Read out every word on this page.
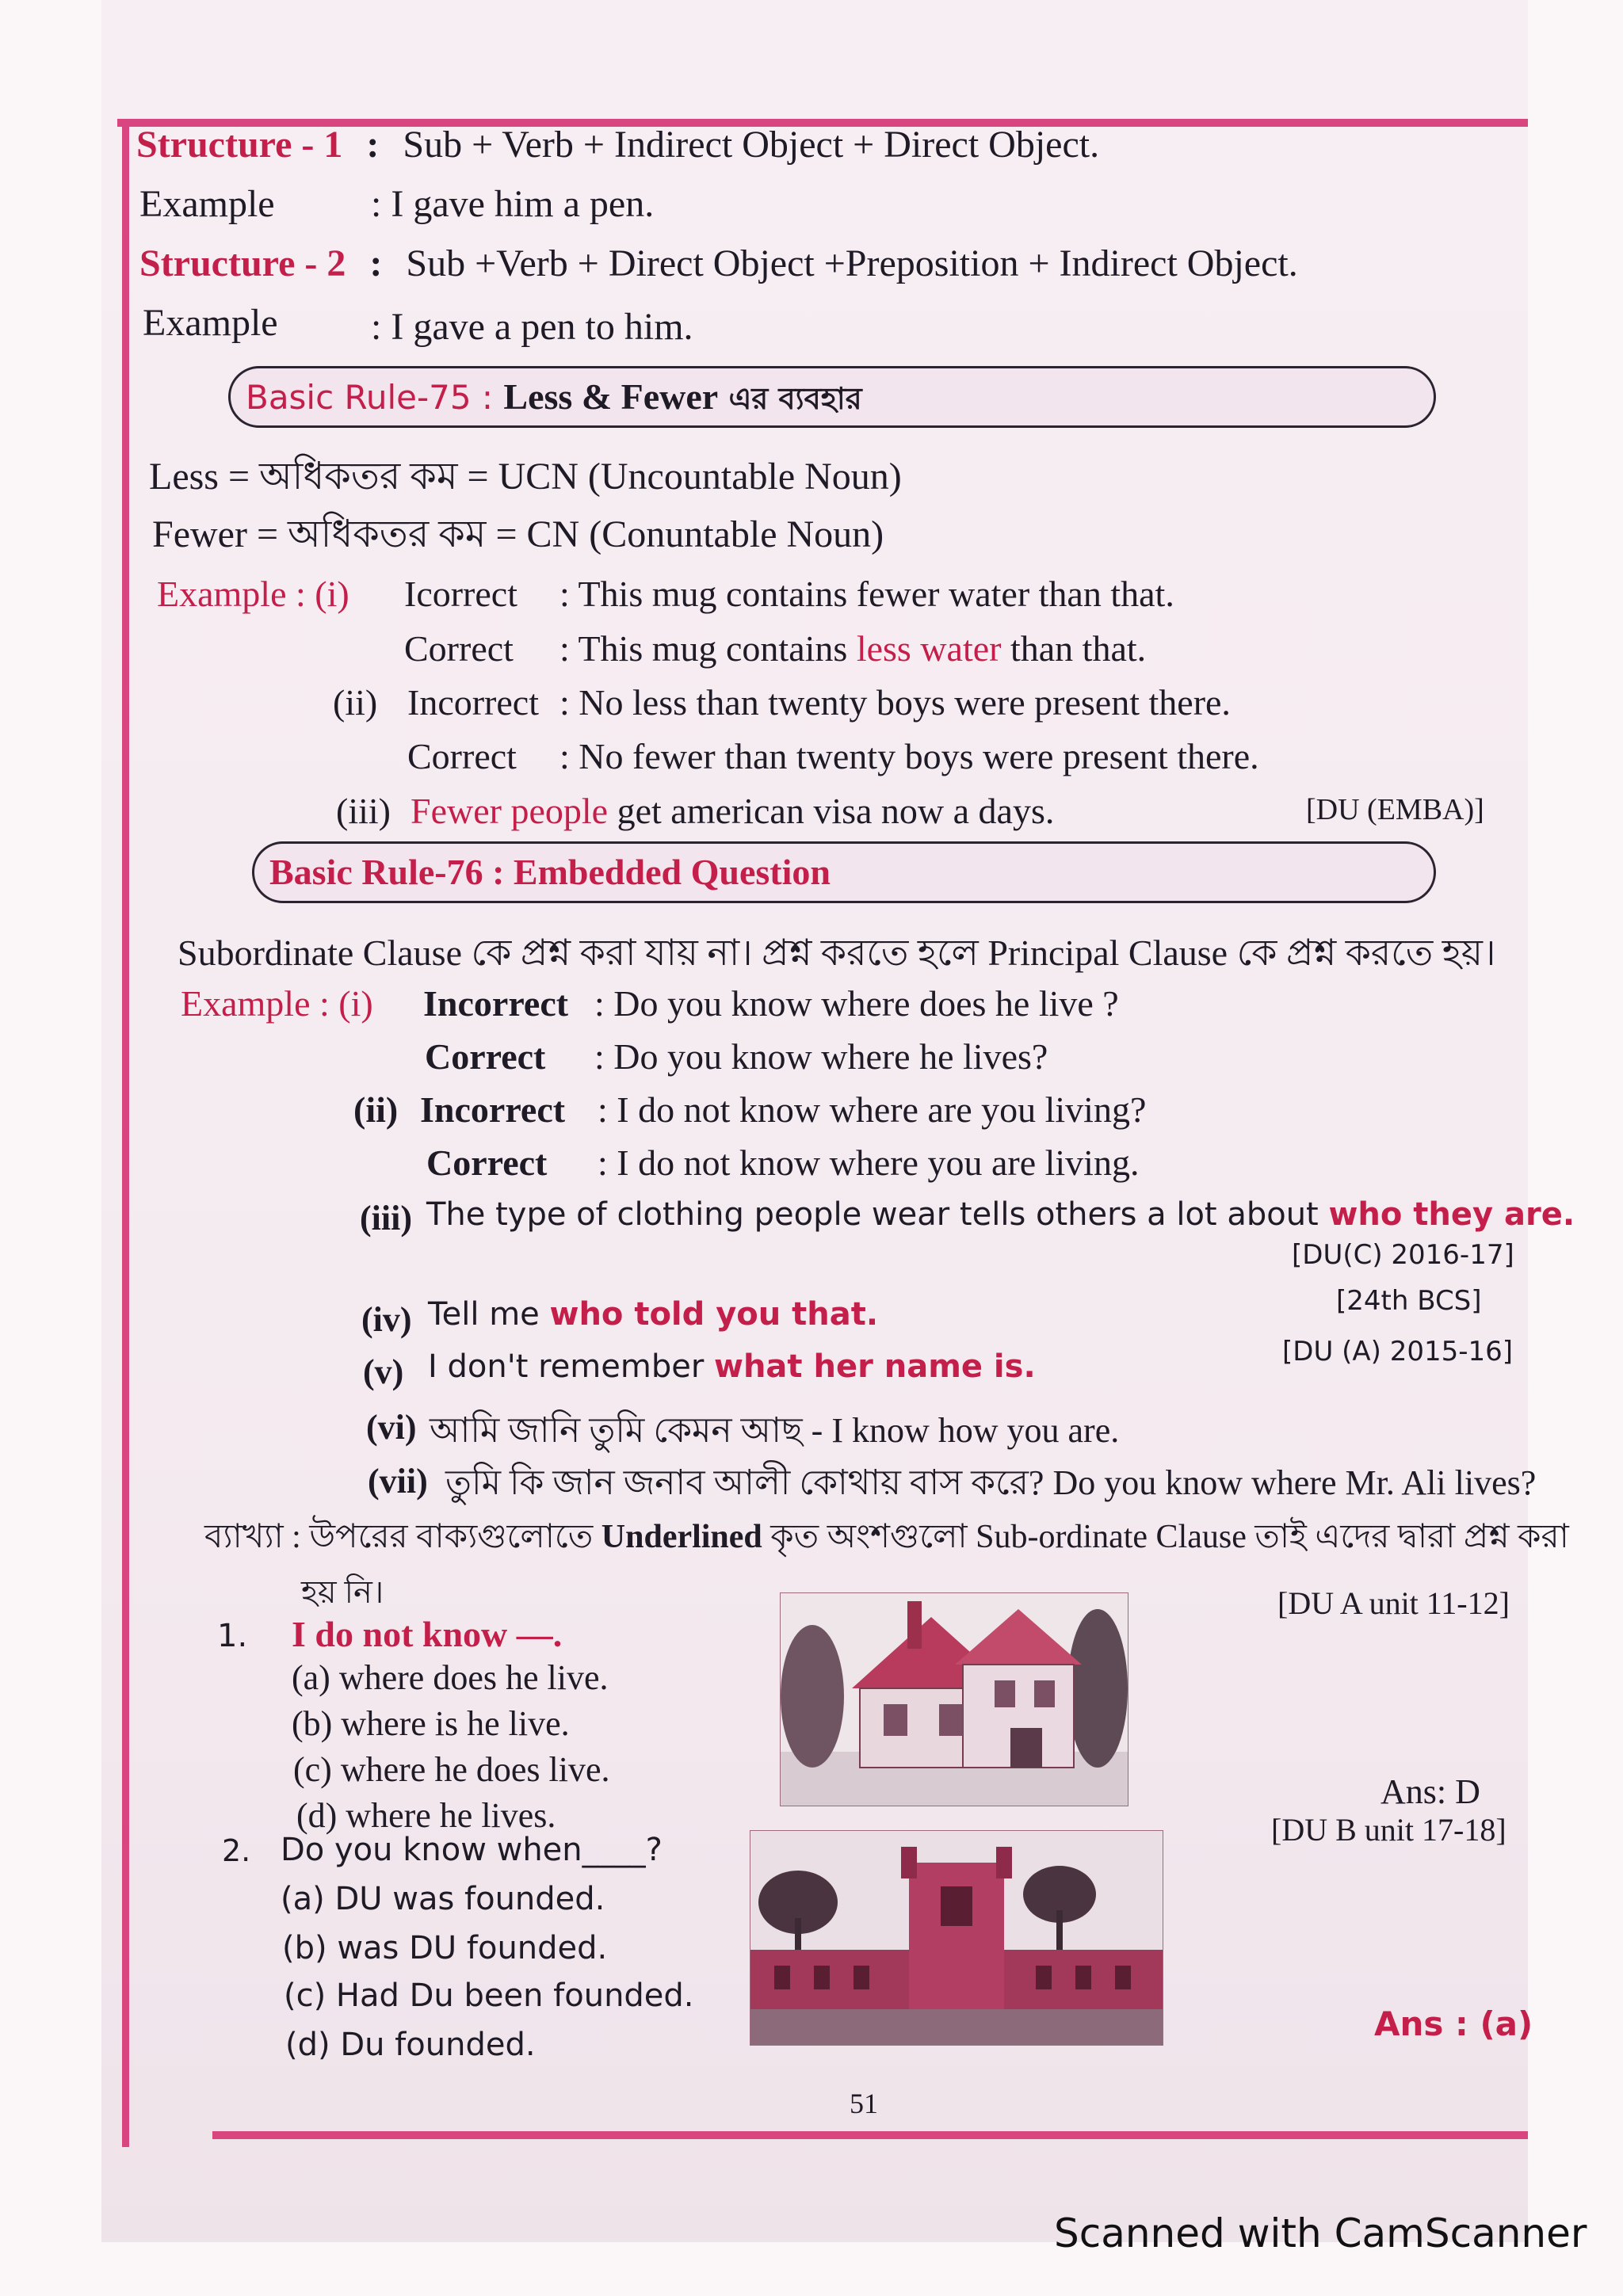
Structure - 1 : Sub + Verb + Indirect Object + Direct Object.
Example	: I gave him a pen.
Structure - 2 : Sub +Verb + Direct Object +Preposition + Indirect Object.
Example : I gave a pen to him.
Basic Rule-75 : Less & Fewer এর ব্যবহার
Less = অধিকতর কম = UCN (Uncountable Noun)
Fewer = অধিকতর কম = CN (Conuntable Noun)
Example : (i) Icorrect : This mug contains fewer water than that.
Correct : This mug contains less water than that.
(ii) Incorrect : No less than twenty boys were present there.
Correct : No fewer than twenty boys were present there.
(iii) Fewer people get american visa now a days.	[DU (EMBA)]
Basic Rule-76 : Embedded Question
Subordinate Clause কে প্রশ্ন করা যায় না। প্রশ্ন করতে হলে Principal Clause কে প্রশ্ন করতে হয়।
Example : (i) Incorrect : Do you know where does he live ?
Correct : Do you know where he lives?
(ii) Incorrect : I do not know where are you living?
Correct : I do not know where you are living.
(iii) The type of clothing people wear tells others a lot about who they are.
[DU(C) 2016-17]
[24th BCS]
(iv) Tell me who told you that.
[DU (A) 2015-16]
(v) I don't remember what her name is.
(vi) আমি জানি তুমি কেমন আছ - I know how you are.
(vii) তুমি কি জান জনাব আলী কোথায় বাস করে? Do you know where Mr. Ali lives?
ব্যাখ্যা : উপরের বাক্যগুলোতে Underlined কৃত অংশগুলো Sub-ordinate Clause তাই এদের দ্বারা প্রশ্ন করা
হয় নি।
1. I do not know —.
[DU A unit 11-12]
(a) where does he live.
(b) where is he live.
(c) where he does live.
(d) where he lives.
Ans: D
2. Do you know when____?
[DU B unit 17-18]
(a) DU was founded.
(b) was DU founded.
(c) Had Du been founded.
(d) Du founded.
Ans : (a)
51
Scanned with CamScanner
